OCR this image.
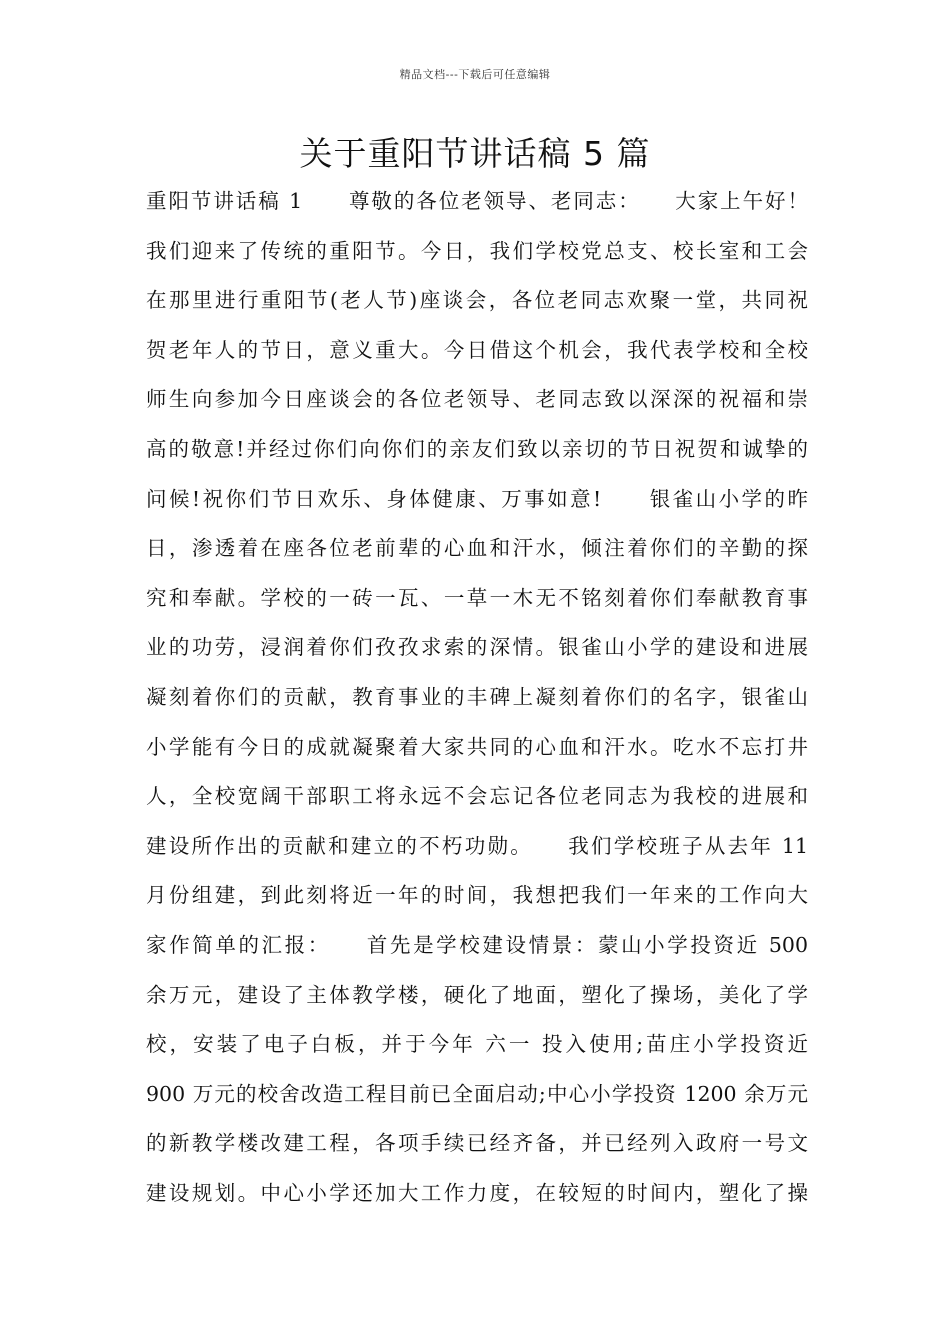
精品文档---下载后可任意编辑
关于重阳节讲话稿 5 篇
重阳节讲话稿 1　　尊敬的各位老领导、老同志：　　大家上午好！
我们迎来了传统的重阳节。今日，我们学校党总支、校长室和工会
在那里进行重阳节(老人节)座谈会，各位老同志欢聚一堂，共同祝
贺老年人的节日，意义重大。今日借这个机会，我代表学校和全校
师生向参加今日座谈会的各位老领导、老同志致以深深的祝福和崇
高的敬意!并经过你们向你们的亲友们致以亲切的节日祝贺和诚挚的
问候!祝你们节日欢乐、身体健康、万事如意!　　银雀山小学的昨
日，渗透着在座各位老前辈的心血和汗水，倾注着你们的辛勤的探
究和奉献。学校的一砖一瓦、一草一木无不铭刻着你们奉献教育事
业的功劳，浸润着你们孜孜求索的深情。银雀山小学的建设和进展
凝刻着你们的贡献，教育事业的丰碑上凝刻着你们的名字，银雀山
小学能有今日的成就凝聚着大家共同的心血和汗水。吃水不忘打井
人，全校宽阔干部职工将永远不会忘记各位老同志为我校的进展和
建设所作出的贡献和建立的不朽功勋。　　我们学校班子从去年 11
月份组建，到此刻将近一年的时间，我想把我们一年来的工作向大
家作简单的汇报：　　首先是学校建设情景：蒙山小学投资近 500
余万元，建设了主体教学楼，硬化了地面，塑化了操场，美化了学
校，安装了电子白板，并于今年 六一 投入使用;苗庄小学投资近
900 万元的校舍改造工程目前已全面启动;中心小学投资 1200 余万元
的新教学楼改建工程，各项手续已经齐备，并已经列入政府一号文
建设规划。中心小学还加大工作力度，在较短的时间内，塑化了操
